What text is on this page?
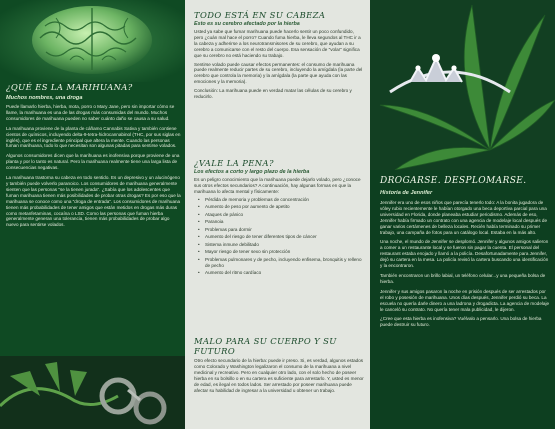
¿QUÉ ES LA MARIHUANA?
Muchos nombres, una droga

Puede llamarlo hierba, hierba, mota, porro o Mary Jane, pero sin importar cómo se llame, la marihuana es una de las drogas más consumidas del mundo. Muchos consumidores de marihuana pueden no saber cuánto daño se causa a su salud.

La marihuana proviene de la planta de cáñamo Cannabis Sativa y también contiene cientos de químicos, incluyendo delta-9-tetra-hidrocannabinol (THC, por sus siglas en inglés), que es el ingrediente principal que altera la mente. Cuando las personas fuman marihuana, todo lo que necesitan son algunas pitadas para sentirse volados.

Algunos consumidores dicen que la marihuana es inofensiva porque proviene de una planta y por lo tanto es natural. Pero la marihuana realmente tiene una larga lista de consecuencias negativas.

La marihuana trastorna su cabeza en todo sentido. Es un depresivo y un alucinógeno y también puede volverlo paranoico. Los consumidores de marihuana generalmente sienten que las personas "se la tienen jurada". ¿Sabía que los adolescentes que fuman marihuana tienen más posibilidades de probar otras drogas? Es por eso que la marihuana se conoce como una "droga de entrada". Los consumidores de marihuana tienen más probabilidades de tener amigos que están metidos en drogas más duras como metanfetaminas, cocaína o LSD. Como las personas que fuman hierba generalmente generan una tolerancia, tienen más probabilidades de probar algo nuevo para sentirse volados.

TODO ESTÁ EN SU CABEZA
Esto es su cerebro afectado por la hierba

Usted ya sabe que fumar marihuana puede hacerlo sentir un poco confundido, pero ¿cuán mal hace el porro? Cuando fuma hierba, le lleva segundos al THC ir a la cabeza y adherirse a los neurotransmisores de su cerebro, que ayudan a su cerebro a comunicarse con el resto del cuerpo. Esa sensación de "volar" significa que su cerebro no está haciendo su trabajo.

Sentirse volado puede causar efectos permanentes: el consumo de marihuana puede realmente reducir partes de su cerebro, incluyendo la amígdala (la parte del cerebro que controla la memoria) y la amígdala (la parte que ayuda con las emociones y la memoria).

Conclusión: La marihuana puede en verdad matar las células de su cerebro y reducirlo.

¿VALE LA PENA?
Los efectos a corto y largo plazo de la hierba

Es un peligro conocimiento que la marihuana puede dejarlo volado, pero ¿conoce sus otros efectos secundarios? A continuación, hay algunas formas en que la marihuana lo afecta mental y físicamente:

• Pérdida de memoria y problemas de concentración
• Aumento de peso por aumento de apetito
• Ataques de pánico
• Paranoia
• Problemas para dormir
• Aumento del riesgo de tener diferentes tipos de cáncer
• Sistema inmune debilitado
• Mayor riesgo de tener sexo sin protección
• Problemas pulmonares y de pecho, incluyendo enfisema, bronquitis y relleno de pecho
• Aumento del ritmo cardíaco
MALO PARA SU CUERPO Y SU FUTURO

Otro efecto secundario de la hierba: puede ir preso. Si, es verdad, algunos estados como Colorado y Washington legalizaron el consumo de la marihuana a nivel medicinal y recreativo. Pero en cualquier otro lado, con el solo hecho de poseer hierba en su bolsillo o en su cartera es suficiente para arrestarlo. Y, usted es menor de edad, es ilegal en todos lados. Ser arrestado por poseer marihuana puede afectar su habilidad de ingresar a la universidad u obtener un trabajo.

DROGARSE. DESPLOMARSE.
Historia de Jennifer

Jennifer era uno de esos niños que parecía tenerlo todo: A la bonita jugadora de vóley rubio recientemente le habían otorgado una beca deportiva parcial para una universidad en Florida, donde planeaba estudiar periodismo. Además de eso, Jennifer había firmado un contrato con una agencia de modelaje local después de ganar varios certámenes de belleza locales. Recién había terminado su primer trabajo, una campaña de fotos para un catálogo local. Estaba en la más alto.

Una noche, el mundo de Jennifer se desplomó. Jennifer y algunos amigos salieron a comer a un restaurante local y se fueron sin pagar la cuenta. El personal del restaurant estaba enojado y llamó a la policía. Desafortunadamente para Jennifer, dejó su cartera en la mesa. La policía revisó la cartera buscando una identificación y la encontraron.

También encontraron un brillo labial, un teléfono celular...y una pequeña bolsa de hierba.

Jennifer y sus amigos pasaron la noche en prisión después de ser arrestados por el robo y posesión de marihuana. Unos días después, Jennifer perdió su beca. La escuela no quería darle dinero a una ladrona y drogadicta. La agencia de modelaje le canceló su contrato. No quería tener mala publicidad, le dijeron.

¿Cree que esta hierba es inofensiva? Vuélvalo a pensarlo. Una bolsa de hierba puede destruir su futuro.
